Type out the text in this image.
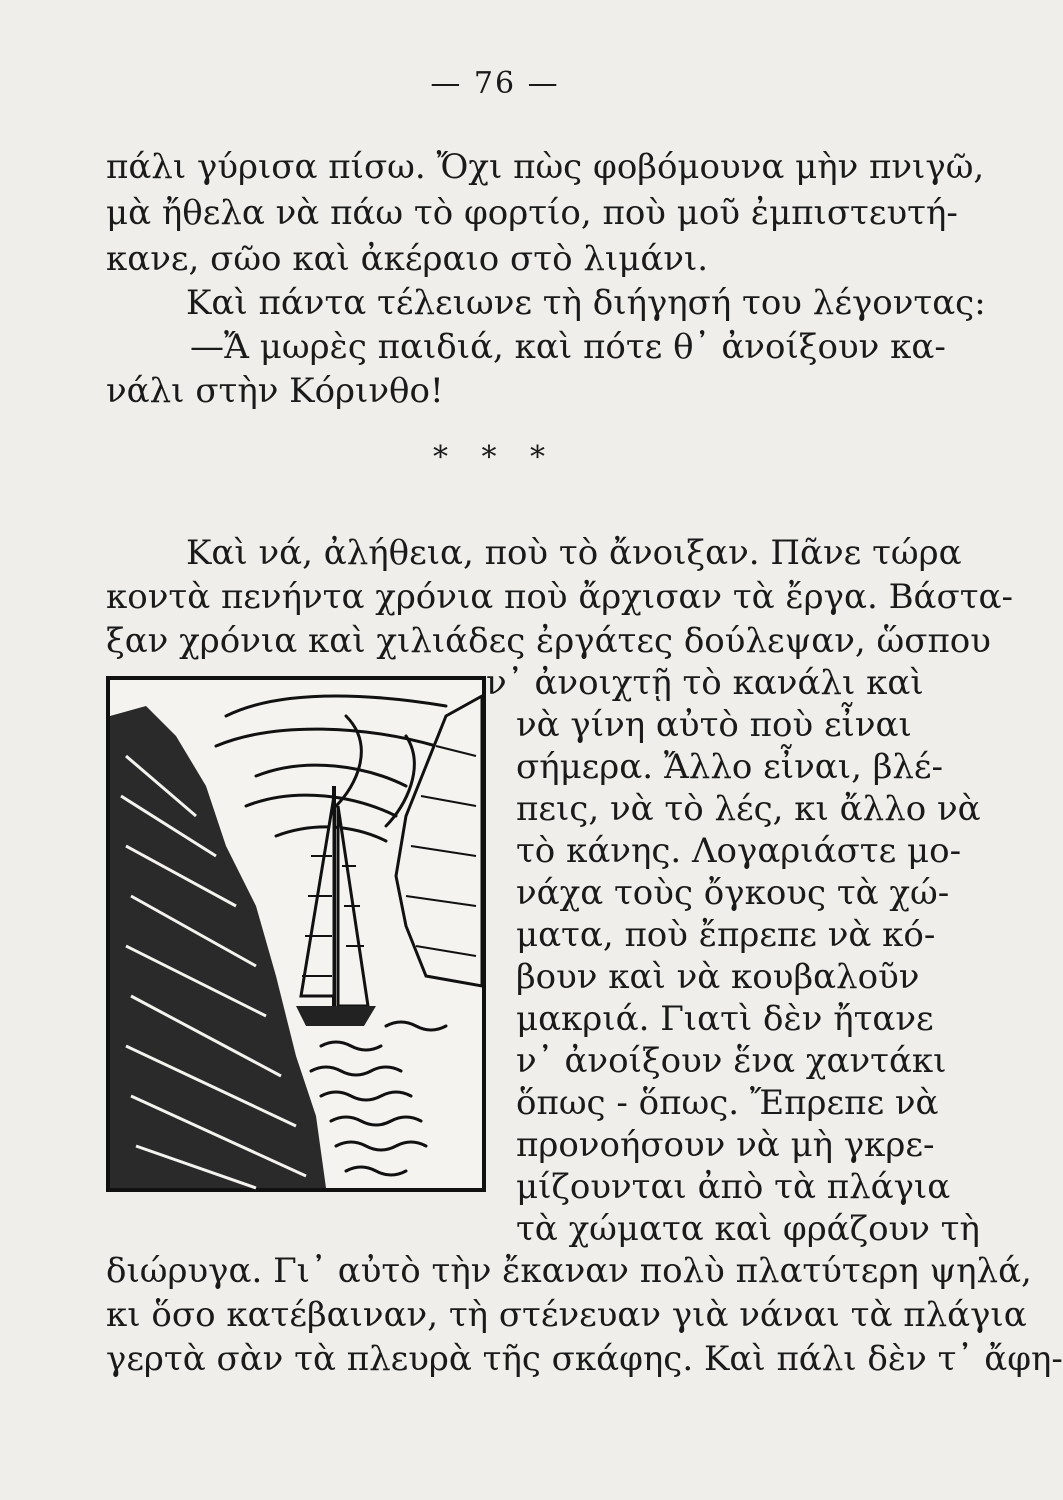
— 76 —
πάλι γύρισα πίσω. Ὄχι πὼς φοβόμουνα μὴν πνιγῶ,
μὰ ἤθελα νὰ πάω τὸ φορτίο, ποὺ μοῦ ἐμπιστευτή-
κανε, σῶο καὶ ἀκέραιο στὸ λιμάνι.
Καὶ πάντα τέλειωνε τὴ διήγησή του λέγοντας:
—Ἄ μωρὲς παιδιά, καὶ πότε θ᾽ ἀνοίξουν κα-
νάλι στὴν Κόρινθο!
* * *
Καὶ νά, ἀλήθεια, ποὺ τὸ ἄνοιξαν. Πᾶνε τώρα
κοντὰ πενήντα χρόνια ποὺ ἄρχισαν τὰ ἔργα. Βάστα-
ξαν χρόνια καὶ χιλιάδες ἐργάτες δούλεψαν, ὥσπου
ν᾽ ἀνοιχτῇ τὸ κανάλι καὶ
νὰ γίνη αὐτὸ ποὺ εἶναι
σήμερα. Ἄλλο εἶναι, βλέ-
πεις, νὰ τὸ λές, κι ἄλλο νὰ
τὸ κάνης. Λογαριάστε μο-
νάχα τοὺς ὄγκους τὰ χώ-
ματα, ποὺ ἔπρεπε νὰ κό-
βουν καὶ νὰ κουβαλοῦν
μακριά. Γιατὶ δὲν ἤτανε
ν᾽ ἀνοίξουν ἕνα χαντάκι
ὅπως - ὅπως. Ἔπρεπε νὰ
προνοήσουν νὰ μὴ γκρε-
μίζουνται ἀπὸ τὰ πλάγια
τὰ χώματα καὶ φράζουν τὴ
διώρυγα. Γι᾽ αὐτὸ τὴν ἔκαναν πολὺ πλατύτερη ψηλά,
κι ὅσο κατέβαιναν, τὴ στένευαν γιὰ νάναι τὰ πλάγια
γερτὰ σὰν τὰ πλευρὰ τῆς σκάφης. Καὶ πάλι δὲν τ᾽ ἄφη-
